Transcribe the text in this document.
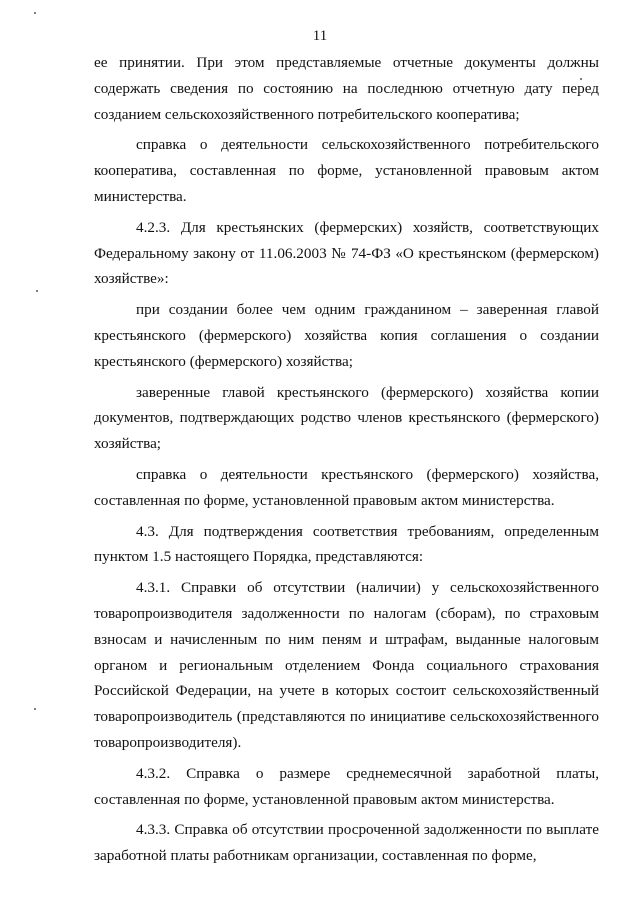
11

ее принятии. При этом представляемые отчетные документы должны содержать сведения по состоянию на последнюю отчетную дату перед созданием сельскохозяйственного потребительского кооператива;

справка о деятельности сельскохозяйственного потребительского кооператива, составленная по форме, установленной правовым актом министерства.

4.2.3. Для крестьянских (фермерских) хозяйств, соответствующих Федеральному закону от 11.06.2003 № 74-ФЗ «О крестьянском (фермерском) хозяйстве»:

при создании более чем одним гражданином – заверенная главой крестьянского (фермерского) хозяйства копия соглашения о создании крестьянского (фермерского) хозяйства;

заверенные главой крестьянского (фермерского) хозяйства копии документов, подтверждающих родство членов крестьянского (фермерского) хозяйства;

справка о деятельности крестьянского (фермерского) хозяйства, составленная по форме, установленной правовым актом министерства.

4.3. Для подтверждения соответствия требованиям, определенным пунктом 1.5 настоящего Порядка, представляются:

4.3.1. Справки об отсутствии (наличии) у сельскохозяйственного товаропроизводителя задолженности по налогам (сборам), по страховым взносам и начисленным по ним пеням и штрафам, выданные налоговым органом и региональным отделением Фонда социального страхования Российской Федерации, на учете в которых состоит сельскохозяйственный товаропроизводитель (представляются по инициативе сельскохозяйственного товаропроизводителя).

4.3.2. Справка о размере среднемесячной заработной платы, составленная по форме, установленной правовым актом министерства.

4.3.3. Справка об отсутствии просроченной задолженности по выплате заработной платы работникам организации, составленная по форме,
